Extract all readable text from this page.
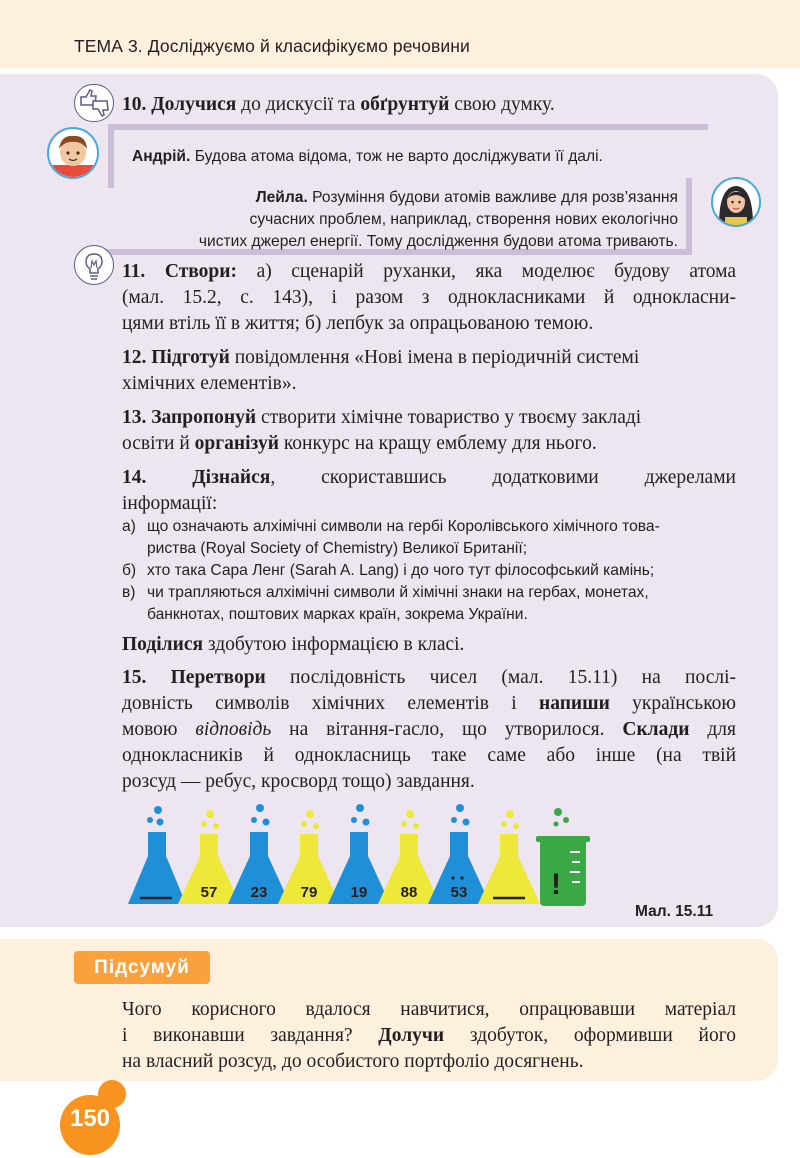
ТЕМА 3. Досліджуємо й класифікуємо речовини
10. Долучися до дискусії та обґрунтуй свою думку.
Андрій. Будова атома відома, тож не варто досліджувати її далі.
Лейла. Розуміння будови атомів важливе для розв’язання
сучасних проблем, наприклад, створення нових екологічно
чистих джерел енергії. Тому дослідження будови атома тривають.
11. Створи: а) сценарій руханки, яка моделює будову атома
(мал. 15.2, с. 143), і разом з однокласниками й однокласни-
цями втіль її в життя; б) лепбук за опрацьованою темою.
12. Підготуй повідомлення «Нові імена в періодичній системі
хімічних елементів».
13. Запропонуй створити хімічне товариство у твоєму закладі
освіти й організуй конкурс на кращу емблему для нього.
14. Дізнайся, скориставшись додатковими джерелами
інформації:
а) що означають алхімічні символи на гербі Королівського хімічного това-
риства (Royal Society of Chemistry) Великої Британії;
б) хто така Сара Ленг (Sarah A. Lang) і до чого тут філософський камінь;
в) чи трапляються алхімічні символи й хімічні знаки на гербах, монетах,
банкнотах, поштових марках країн, зокрема України.
Поділися здобутою інформацією в класі.
15. Перетвори послідовність чисел (мал. 15.11) на послі-
довність символів хімічних елементів і напиши українською
мовою відповідь на вітання-гасло, що утворилося. Склади для
однокласників й однокласниць таке саме або інше (на твій
розсуд — ребус, кросворд тощо) завдання.
57 23 79 19 88 53	!
Мал. 15.11
Підсумуй
Чого корисного вдалося навчитися, опрацювавши матеріал
і виконавши завдання? Долучи здобуток, оформивши його
на власний розсуд, до особистого портфоліо досягнень.
150
